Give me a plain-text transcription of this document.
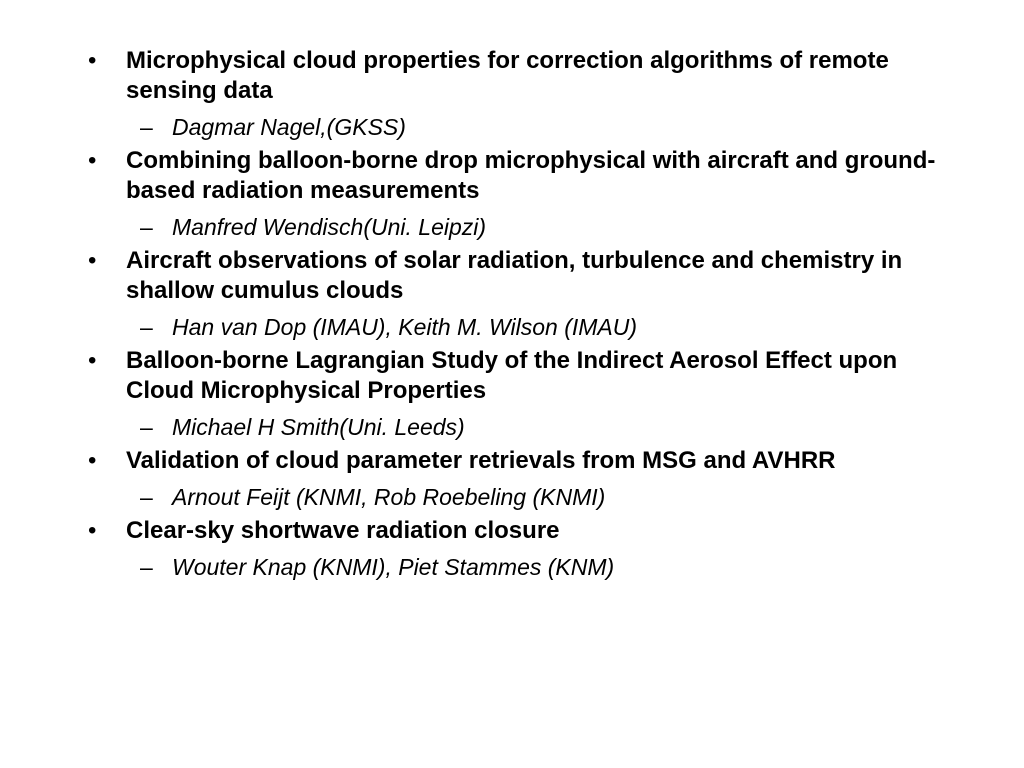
•	Microphysical cloud properties for correction algorithms of remote sensing data
– Dagmar Nagel,(GKSS)
•	Combining balloon-borne drop microphysical with aircraft and ground-based radiation measurements
– Manfred Wendisch(Uni. Leipzi)
•	Aircraft observations of solar radiation, turbulence and chemistry in shallow cumulus clouds
– Han van Dop (IMAU), Keith M. Wilson (IMAU)
•	Balloon-borne Lagrangian Study of the Indirect Aerosol Effect upon Cloud Microphysical Properties
– Michael H Smith(Uni. Leeds)
•	Validation of cloud parameter retrievals from MSG and AVHRR
– Arnout Feijt (KNMI, Rob Roebeling (KNMI)
•	Clear-sky shortwave radiation closure
– Wouter Knap (KNMI), Piet Stammes (KNM)
